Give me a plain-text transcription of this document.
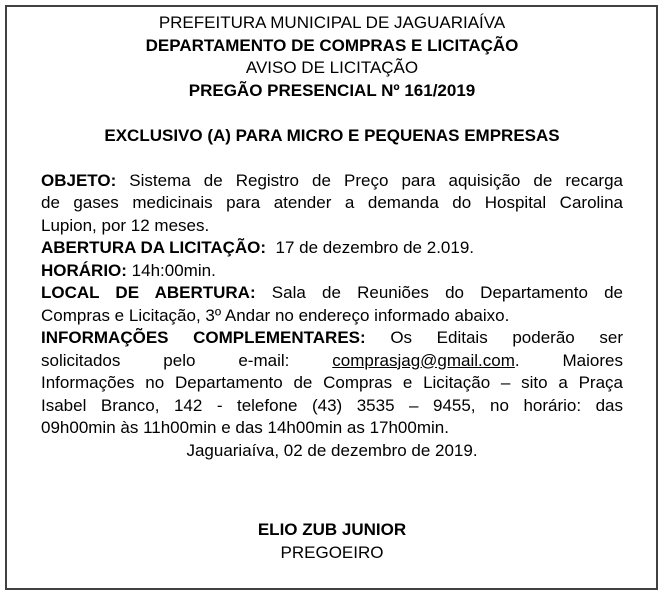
PREFEITURA MUNICIPAL DE JAGUARIAÍVA
DEPARTAMENTO DE COMPRAS E LICITAÇÃO
AVISO DE LICITAÇÃO
PREGÃO PRESENCIAL Nº 161/2019
EXCLUSIVO (A) PARA MICRO E PEQUENAS EMPRESAS
OBJETO: Sistema de Registro de Preço para aquisição de recarga
de gases medicinais para atender a demanda do Hospital Carolina
Lupion, por 12 meses.
ABERTURA DA LICITAÇÃO:  17 de dezembro de 2.019.
HORÁRIO: 14h:00min.
LOCAL DE ABERTURA: Sala de Reuniões do Departamento de
Compras e Licitação, 3º Andar no endereço informado abaixo.
INFORMAÇÕES COMPLEMENTARES: Os Editais poderão ser
solicitados pelo e-mail: comprasjag@gmail.com. Maiores
Informações no Departamento de Compras e Licitação – sito a Praça
Isabel Branco, 142 - telefone (43) 3535 – 9455, no horário: das
09h00min às 11h00min e das 14h00min as 17h00min.
Jaguariaíva, 02 de dezembro de 2019.
ELIO ZUB JUNIOR
PREGOEIRO
